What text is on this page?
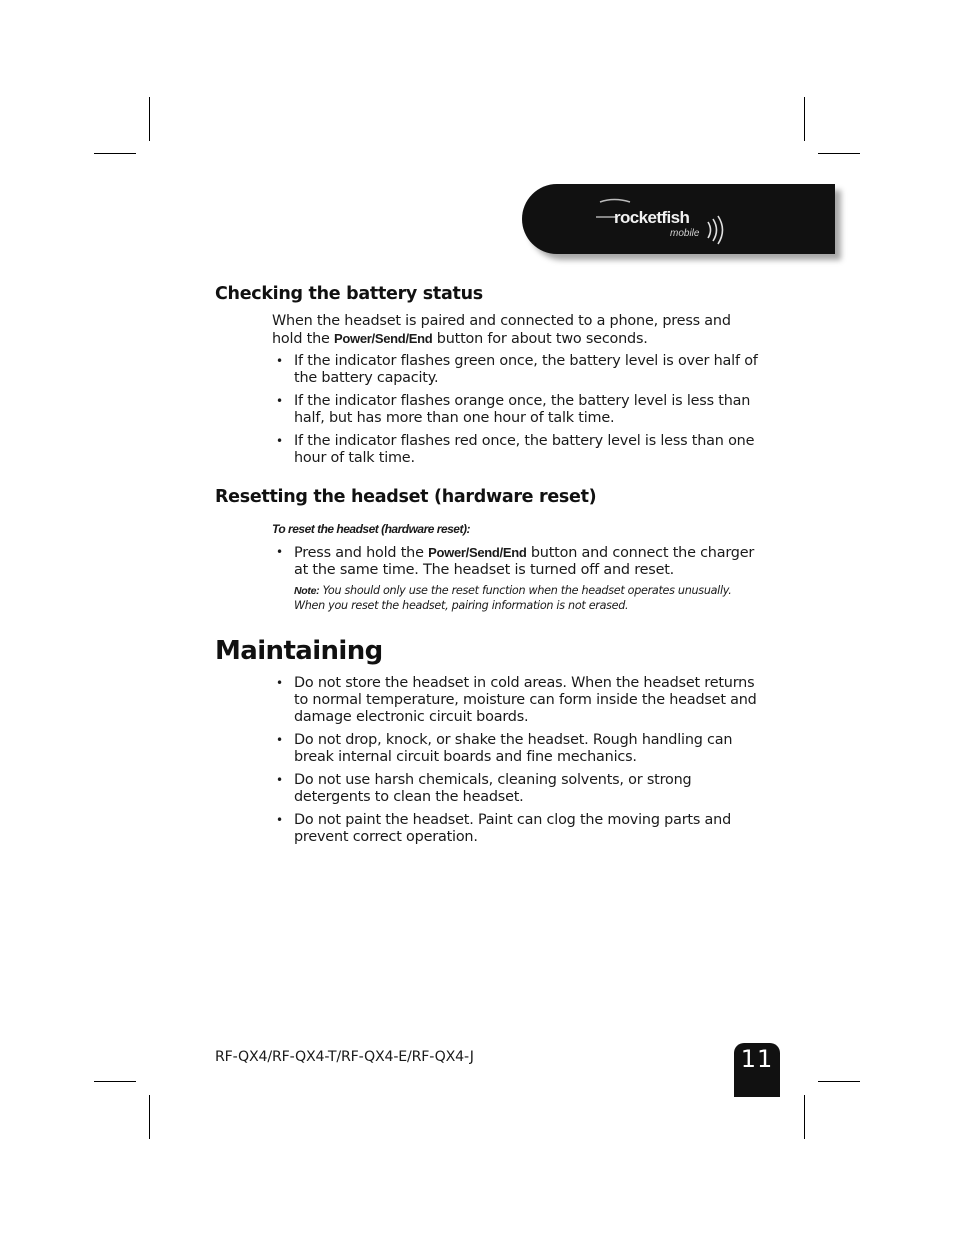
rocketfish
mobile
Checking the battery status

When the headset is paired and connected to a phone, press and hold the Power/Send/End button for about two seconds.

• If the indicator flashes green once, the battery level is over half of the battery capacity.
• If the indicator flashes orange once, the battery level is less than half, but has more than one hour of talk time.
• If the indicator flashes red once, the battery level is less than one hour of talk time.
Resetting the headset (hardware reset)

To reset the headset (hardware reset):

• Press and hold the Power/Send/End button and connect the charger at the same time. The headset is turned off and reset.

Note: You should only use the reset function when the headset operates unusually. When you reset the headset, pairing information is not erased.

Maintaining
• Do not store the headset in cold areas. When the headset returns to normal temperature, moisture can form inside the headset and damage electronic circuit boards.
• Do not drop, knock, or shake the headset. Rough handling can break internal circuit boards and fine mechanics.
• Do not use harsh chemicals, cleaning solvents, or strong detergents to clean the headset.
• Do not paint the headset. Paint can clog the moving parts and prevent correct operation.

RF-QX4/RF-QX4-T/RF-QX4-E/RF-QX4-J	11
